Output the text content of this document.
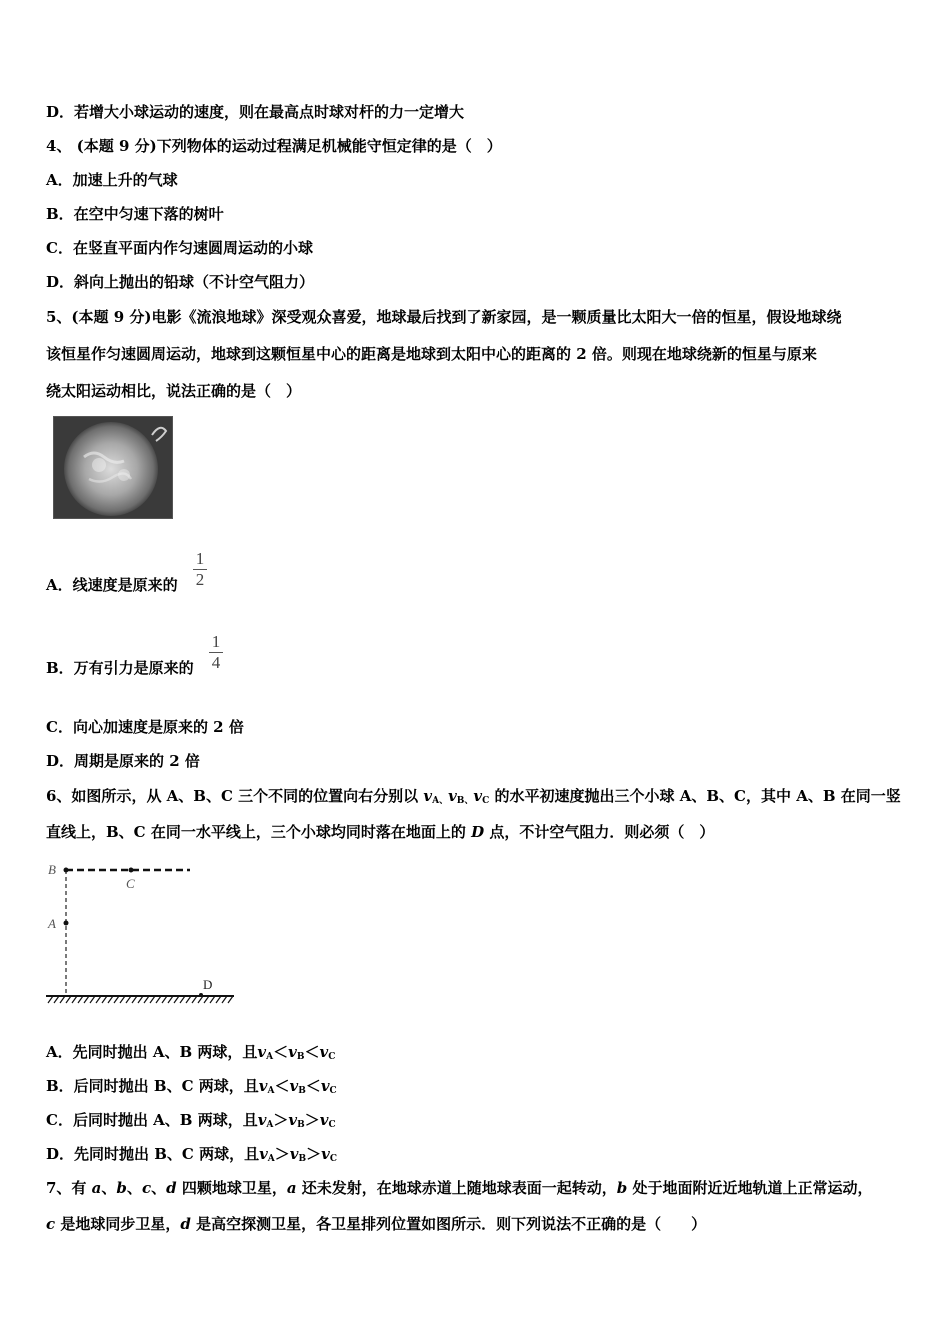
D．若增大小球运动的速度，则在最高点时球对杆的力一定增大
4、 (本题 9 分)下列物体的运动过程满足机械能守恒定律的是（　）
A．加速上升的气球
B．在空中匀速下落的树叶
C．在竖直平面内作匀速圆周运动的小球
D．斜向上抛出的铅球（不计空气阻力）
5、(本题 9 分)电影《流浪地球》深受观众喜爱，地球最后找到了新家园，是一颗质量比太阳大一倍的恒星，假设地球绕
该恒星作匀速圆周运动，地球到这颗恒星中心的距离是地球到太阳中心的距离的 2 倍。则现在地球绕新的恒星与原来
绕太阳运动相比，说法正确的是（　）
A．线速度是原来的
1
2
B．万有引力是原来的
1
4
C．向心加速度是原来的 2 倍
D．周期是原来的 2 倍
6、如图所示，从 A、B、C 三个不同的位置向右分别以 $v_{A、}v_{B、}v_C$ 的水平初速度抛出三个小球 A、B、C，其中 A、B 在同一竖
直线上，B、C 在同一水平线上，三个小球均同时落在地面上的 D 点，不计空气阻力．则必须（　）
B
C
A
D
A．先同时抛出 A、B 两球，且$v_A<v_B<v_C$
B．后同时抛出 B、C 两球，且$v_A<v_B<v_C$
C．后同时抛出 A、B 两球，且$v_A>v_B>v_C$
D．先同时抛出 B、C 两球，且$v_A>v_B>v_C$
7、有 a、b、c、d 四颗地球卫星，a 还未发射，在地球赤道上随地球表面一起转动，b 处于地面附近近地轨道上正常运动，
c 是地球同步卫星，d 是高空探测卫星，各卫星排列位置如图所示．则下列说法不正确的是（　　）
